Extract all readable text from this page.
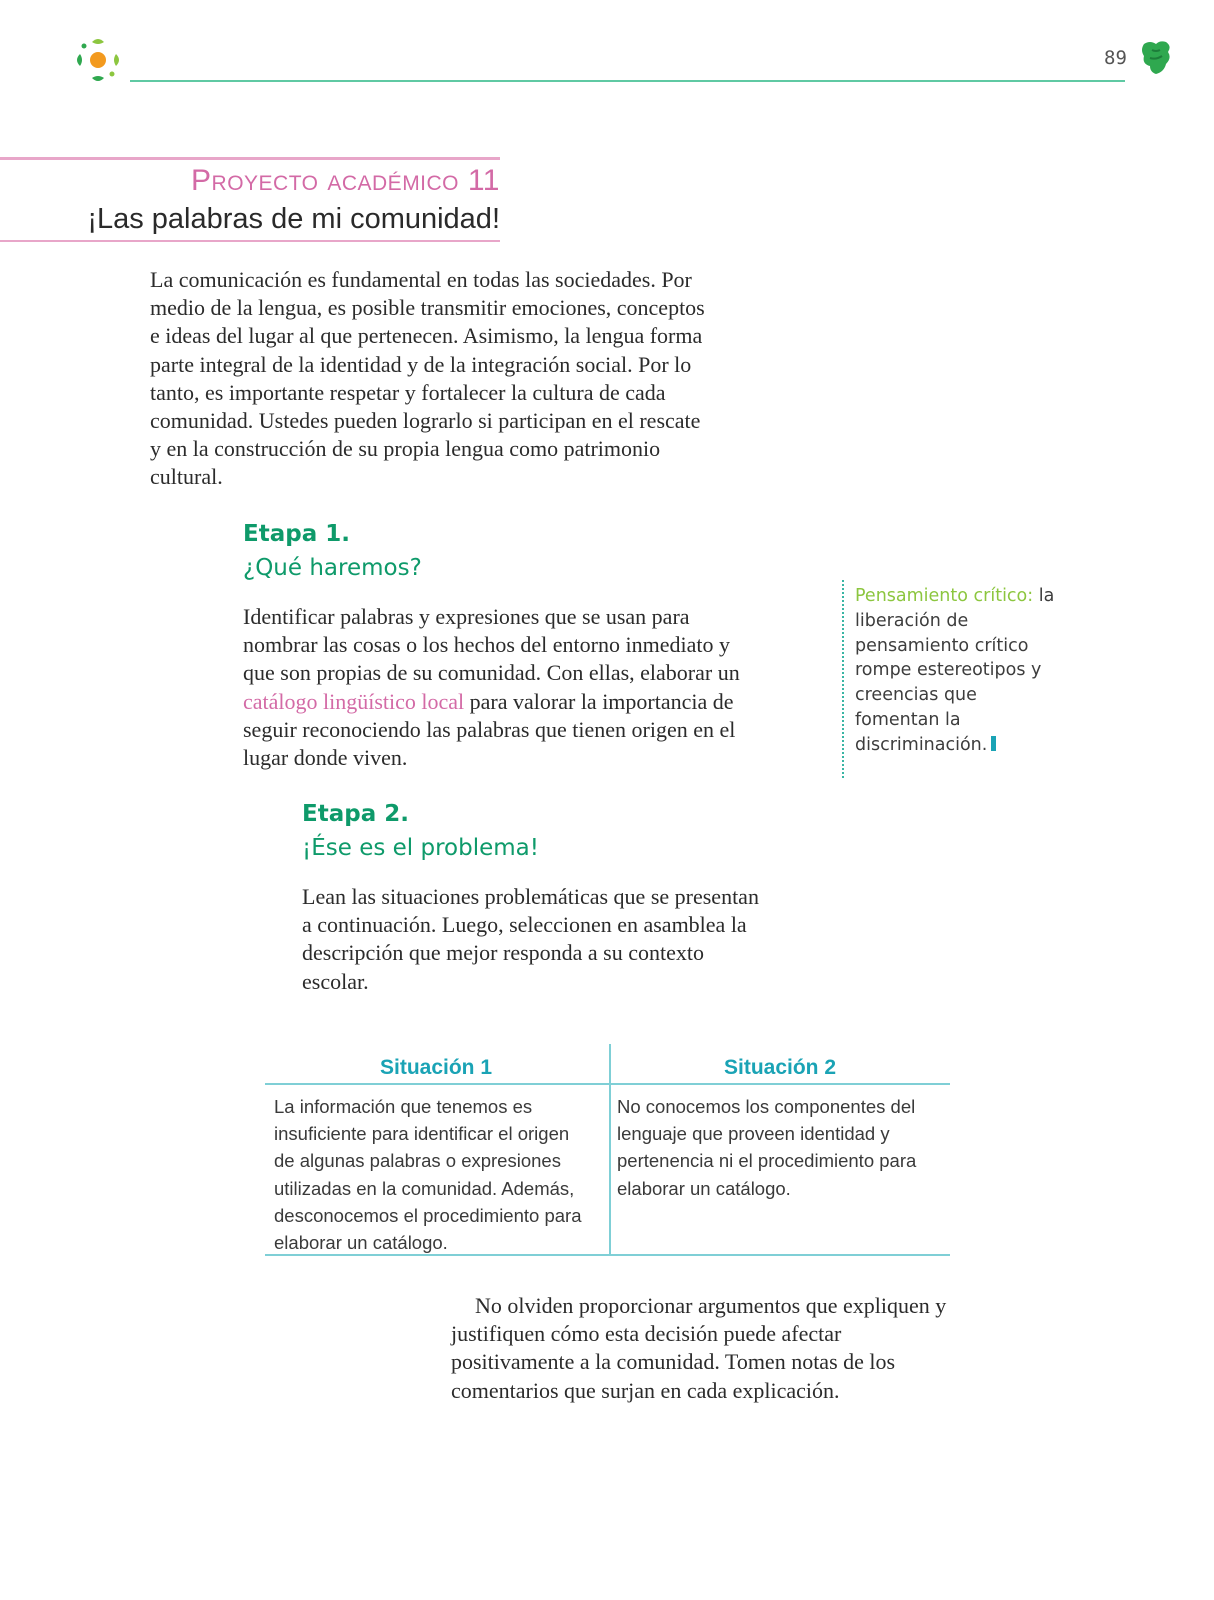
89
Proyecto académico 11
¡Las palabras de mi comunidad!
La comunicación es fundamental en todas las sociedades. Por medio de la lengua, es posible transmitir emociones, conceptos e ideas del lugar al que pertenecen. Asimismo, la lengua forma parte integral de la identidad y de la integración social. Por lo tanto, es importante respetar y fortalecer la cultura de cada comunidad. Ustedes pueden lograrlo si participan en el rescate y en la construcción de su propia lengua como patrimonio cultural.
Etapa 1.
¿Qué haremos?
Identificar palabras y expresiones que se usan para nombrar las cosas o los hechos del entorno inmediato y que son propias de su comunidad. Con ellas, elaborar un catálogo lingüístico local para valorar la importancia de seguir reconociendo las palabras que tienen origen en el lugar donde viven.
Pensamiento crítico: la liberación de pensamiento crítico rompe estereotipos y creencias que fomentan la discriminación.
Etapa 2.
¡Ése es el problema!
Lean las situaciones problemáticas que se presentan a continuación. Luego, seleccionen en asamblea la descripción que mejor responda a su contexto escolar.
Situación 1	Situación 2
La información que tenemos es insuficiente para identificar el origen de algunas palabras o expresiones utilizadas en la comunidad. Además, desconocemos el procedimiento para elaborar un catálogo.
No conocemos los componentes del lenguaje que proveen identidad y pertenencia ni el procedimiento para elaborar un catálogo.
No olviden proporcionar argumentos que expliquen y justifiquen cómo esta decisión puede afectar positivamente a la comunidad. Tomen notas de los comentarios que surjan en cada explicación.
